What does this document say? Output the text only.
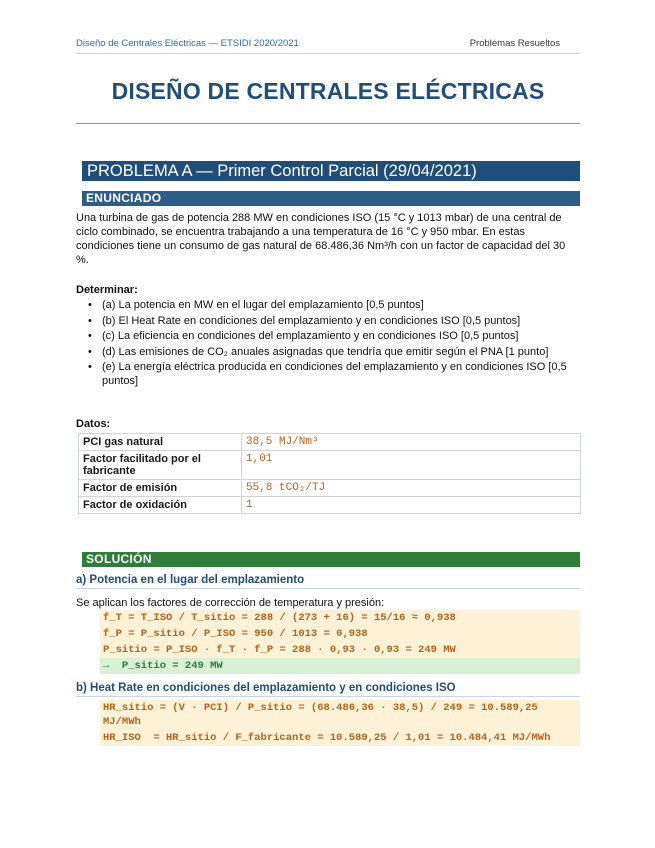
Diseño de Centrales Eléctricas — ETSIDI 2020/2021	Problemas Resueltos
DISEÑO DE CENTRALES ELÉCTRICAS
PROBLEMA A — Primer Control Parcial (29/04/2021)
ENUNCIADO
Una turbina de gas de potencia 288 MW en condiciones ISO (15 °C y 1013 mbar) de una central de ciclo combinado, se encuentra trabajando a una temperatura de 16 °C y 950 mbar. En estas condiciones tiene un consumo de gas natural de 68.486,36 Nm³/h con un factor de capacidad del 30 %.
Determinar:
• (a) La potencia en MW en el lugar del emplazamiento [0,5 puntos]
• (b) El Heat Rate en condiciones del emplazamiento y en condiciones ISO [0,5 puntos]
• (c) La eficiencia en condiciones del emplazamiento y en condiciones ISO [0,5 puntos]
• (d) Las emisiones de CO₂ anuales asignadas que tendría que emitir según el PNA [1 punto]
• (e) La energía eléctrica producida en condiciones del emplazamiento y en condiciones ISO [0,5 puntos]
Datos:
PCI gas natural	38,5 MJ/Nm³
Factor facilitado por el fabricante	1,01
Factor de emisión	55,8 tCO₂/TJ
Factor de oxidación	1
SOLUCIÓN
a) Potencia en el lugar del emplazamiento
Se aplican los factores de corrección de temperatura y presión:
f_T = T_ISO / T_sitio = 288 / (273 + 16) = 15/16 ≈ 0,938
f_P = P_sitio / P_ISO = 950 / 1013 = 0,938
P_sitio = P_ISO · f_T · f_P = 288 · 0,93 · 0,93 = 249 MW
→  P_sitio = 249 MW
b) Heat Rate en condiciones del emplazamiento y en condiciones ISO
HR_sitio = (V · PCI) / P_sitio = (68.486,36 · 38,5) / 249 = 10.589,25 MJ/MWh
HR_ISO  = HR_sitio / F_fabricante = 10.589,25 / 1,01 = 10.484,41 MJ/MWh
